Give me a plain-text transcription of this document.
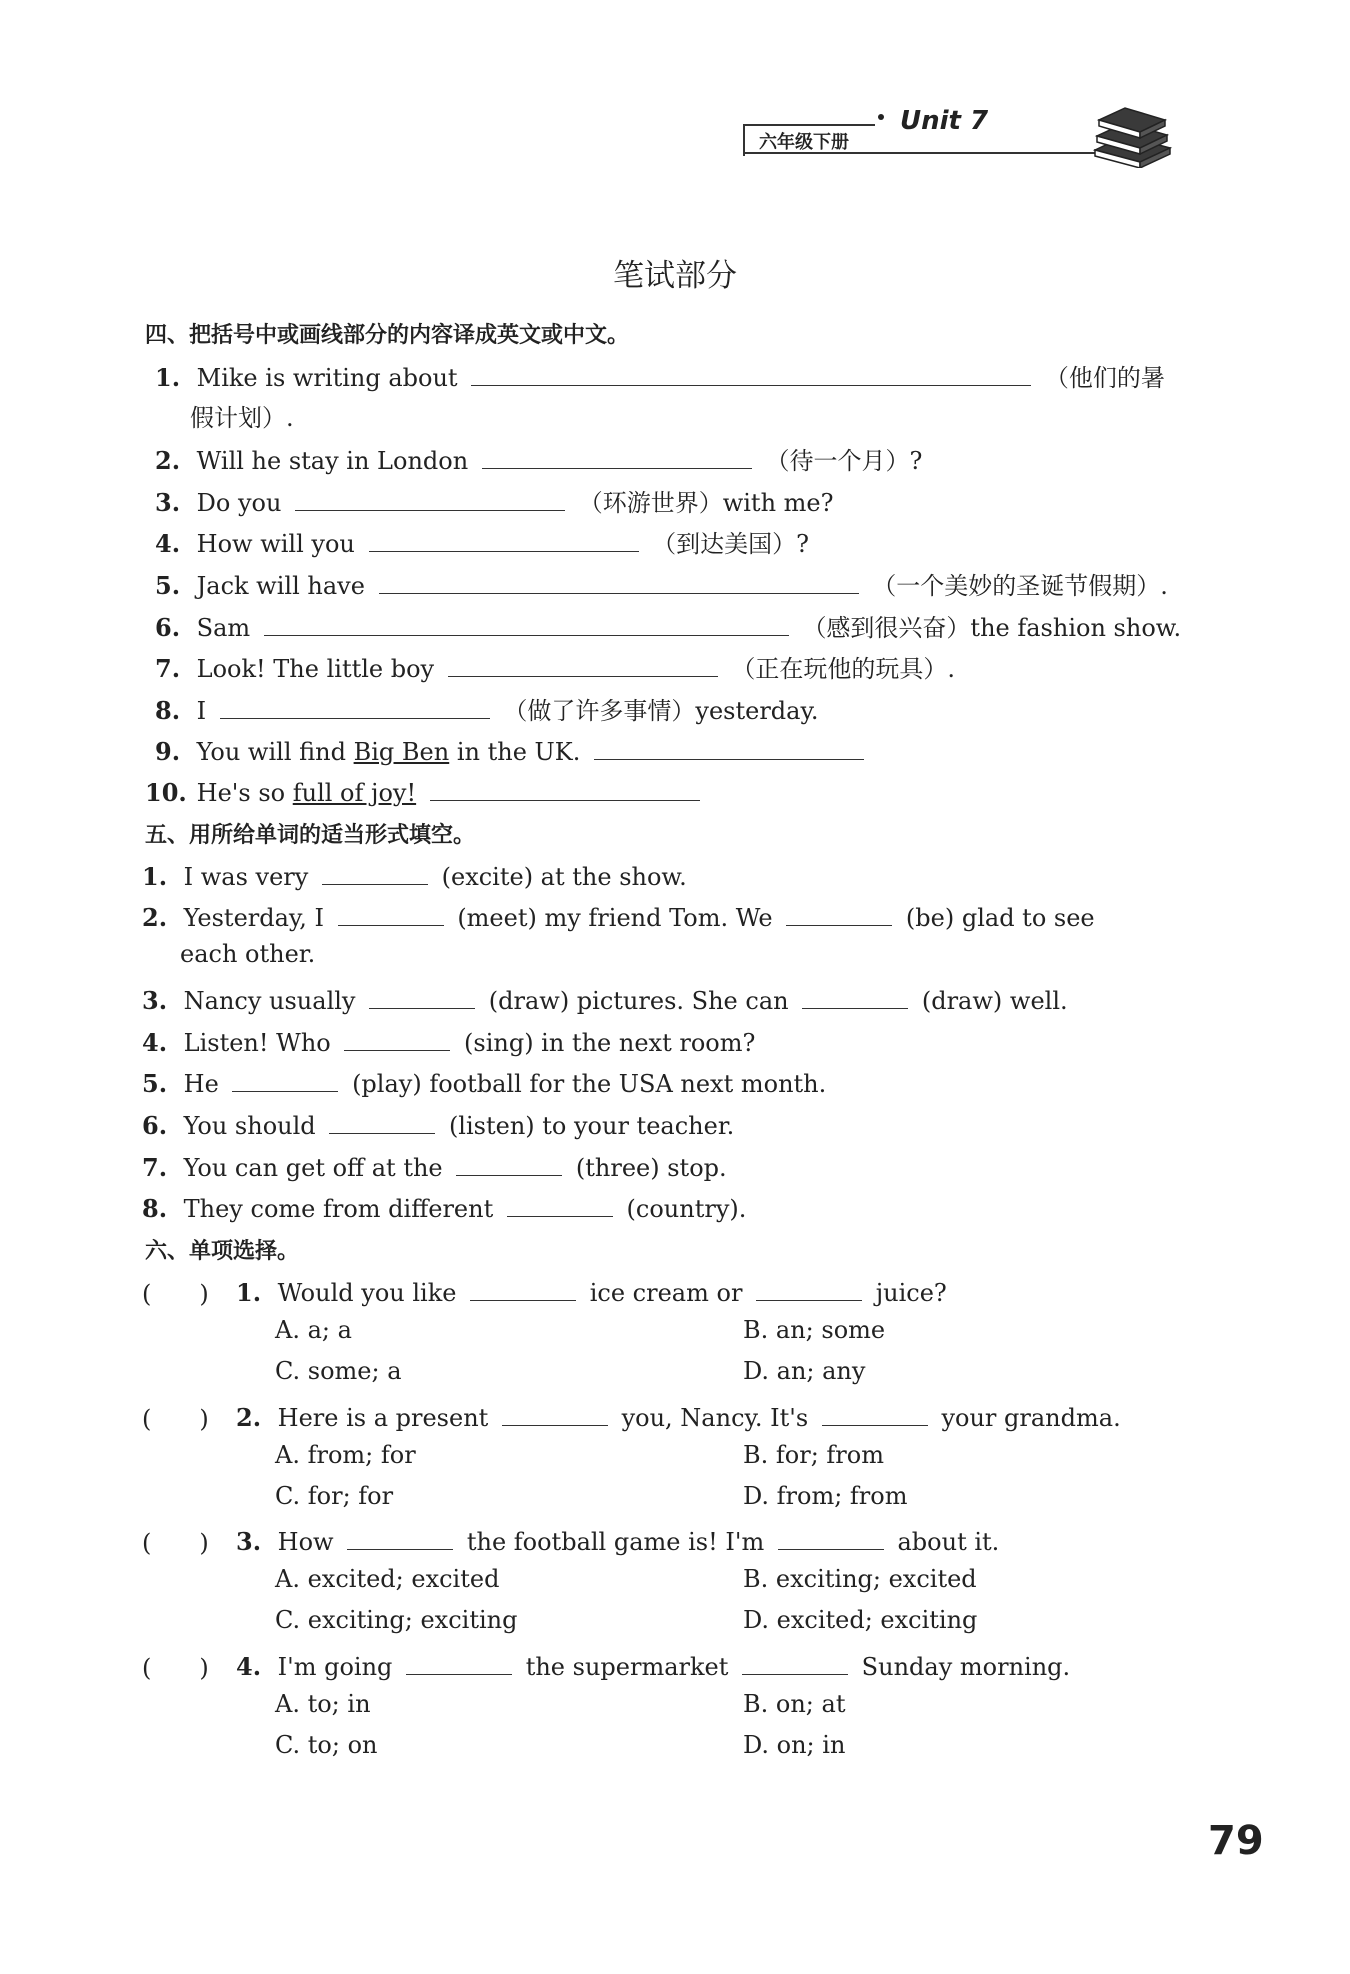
六年级下册
Unit 7
笔试部分
四、把括号中或画线部分的内容译成英文或中文。
1. Mike is writing about	（他们的暑
假计划）.
2. Will he stay in London	（待一个月）?
3. Do you	（环游世界）with me?
4. How will you	（到达美国）?
5. Jack will have	（一个美妙的圣诞节假期）.
6. Sam	（感到很兴奋）the fashion show.
7. Look! The little boy	（正在玩他的玩具）.
8. I	（做了许多事情）yesterday.
9. You will find Big Ben in the UK.
10. He's so full of joy!
五、用所给单词的适当形式填空。
1. I was very	(excite) at the show.
2. Yesterday, I	(meet) my friend Tom. We	(be) glad to see
each other.
3. Nancy usually	(draw) pictures. She can	(draw) well.
4. Listen! Who	(sing) in the next room?
5. He	(play) football for the USA next month.
6. You should	(listen) to your teacher.
7. You can get off at the	(three) stop.
8. They come from different	(country).
六、单项选择。
(　　) 1. Would you like	ice cream or	juice?
A. a; a	B. an; some
C. some; a	D. an; any
(　　) 2. Here is a present	you, Nancy. It's	your grandma.
A. from; for	B. for; from
C. for; for	D. from; from
(　　) 3. How	the football game is! I'm	about it.
A. excited; excited	B. exciting; excited
C. exciting; exciting	D. excited; exciting
(　　) 4. I'm going	the supermarket	Sunday morning.
A. to; in	B. on; at
C. to; on	D. on; in
79
